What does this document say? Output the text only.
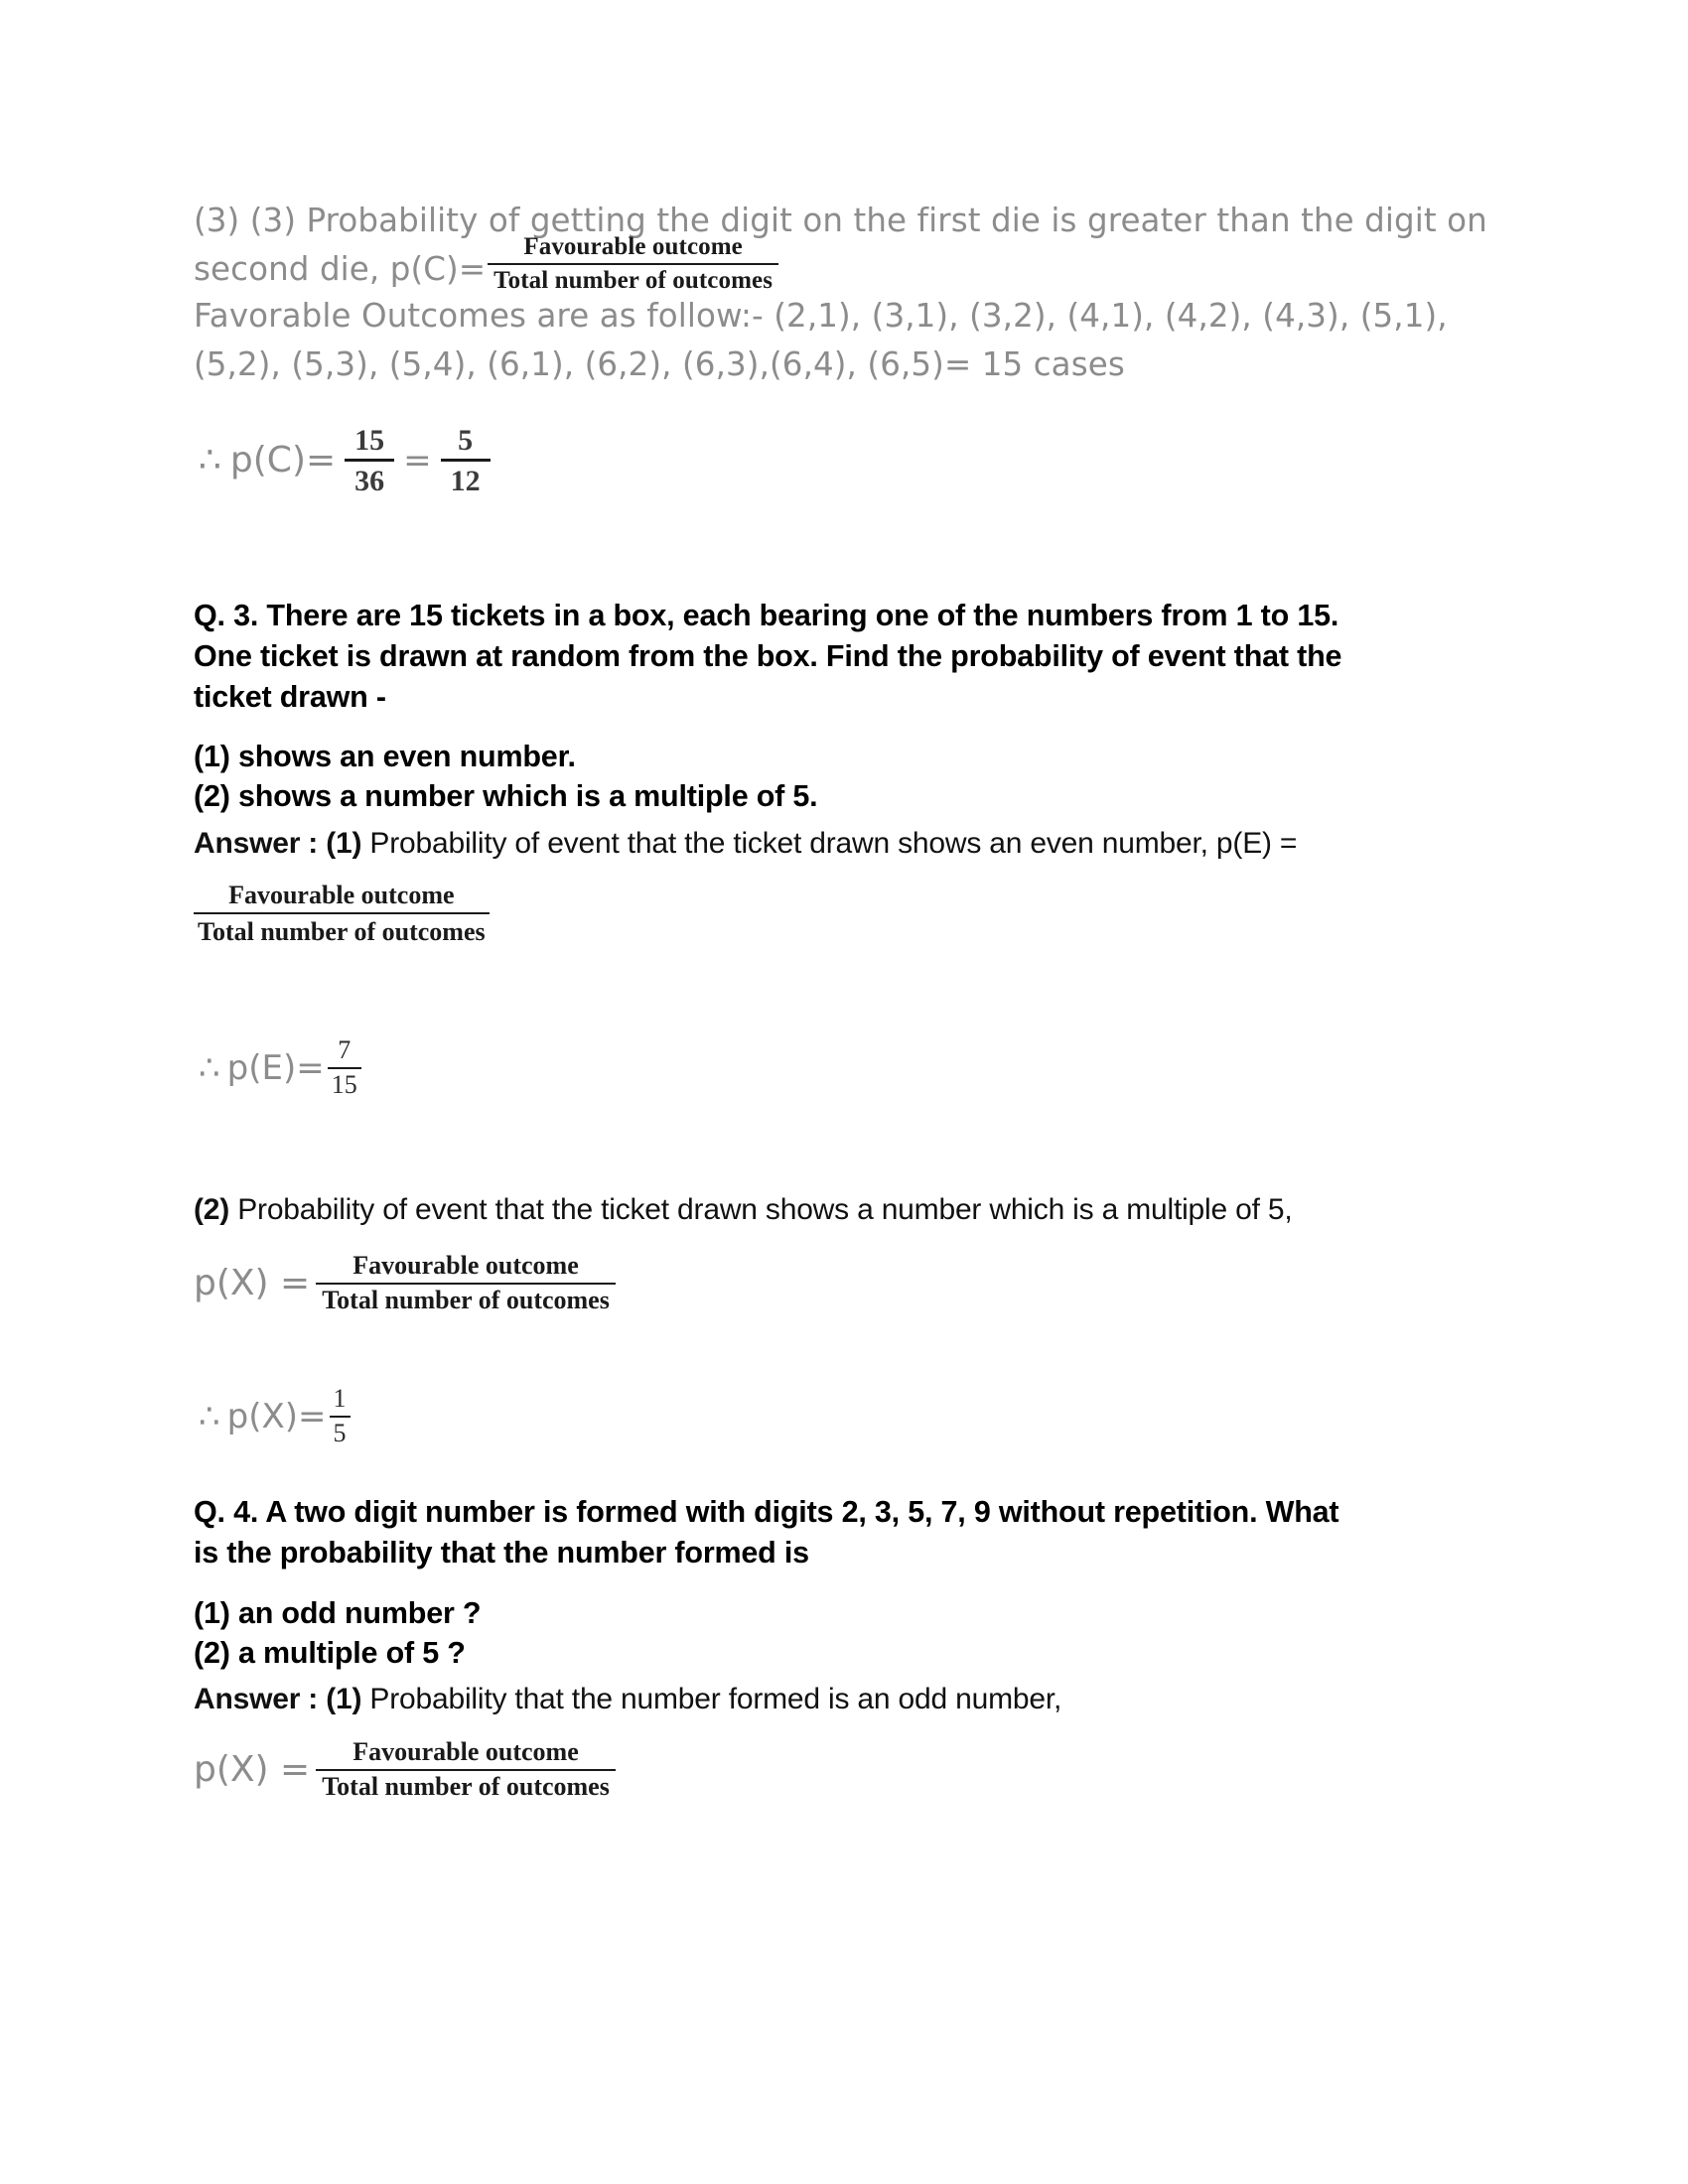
(3) (3) Probability of getting the digit on the first die is greater than the digit on
second die, $p(C)= \frac{\text{Favourable outcome}}{\text{Total number of outcomes}}$
Favorable Outcomes are as follow:- (2,1), (3,1), (3,2), (4,1), (4,2), (4,3), (5,1),
(5,2), (5,3), (5,4), (6,1), (6,2), (6,3),(6,4), (6,5)= 15 cases
∴ $p(C)= \frac{15}{36} = \frac{5}{12}$
Q. 3. There are 15 tickets in a box, each bearing one of the numbers from 1 to 15.
One ticket is drawn at random from the box. Find the probability of event that the
ticket drawn -
(1) shows an even number.
(2) shows a number which is a multiple of 5.
Answer : (1) Probability of event that the ticket drawn shows an even number, p(E) =
$\frac{\text{Favourable outcome}}{\text{Total number of outcomes}}$
∴ $p(E)= \frac{7}{15}$
(2) Probability of event that the ticket drawn shows a number which is a multiple of 5,
$p(X) = \frac{\text{Favourable outcome}}{\text{Total number of outcomes}}$
∴ $p(X)= \frac{1}{5}$
Q. 4. A two digit number is formed with digits 2, 3, 5, 7, 9 without repetition. What
is the probability that the number formed is
(1) an odd number ?
(2) a multiple of 5 ?
Answer : (1) Probability that the number formed is an odd number,
$p(X) = \frac{\text{Favourable outcome}}{\text{Total number of outcomes}}$
